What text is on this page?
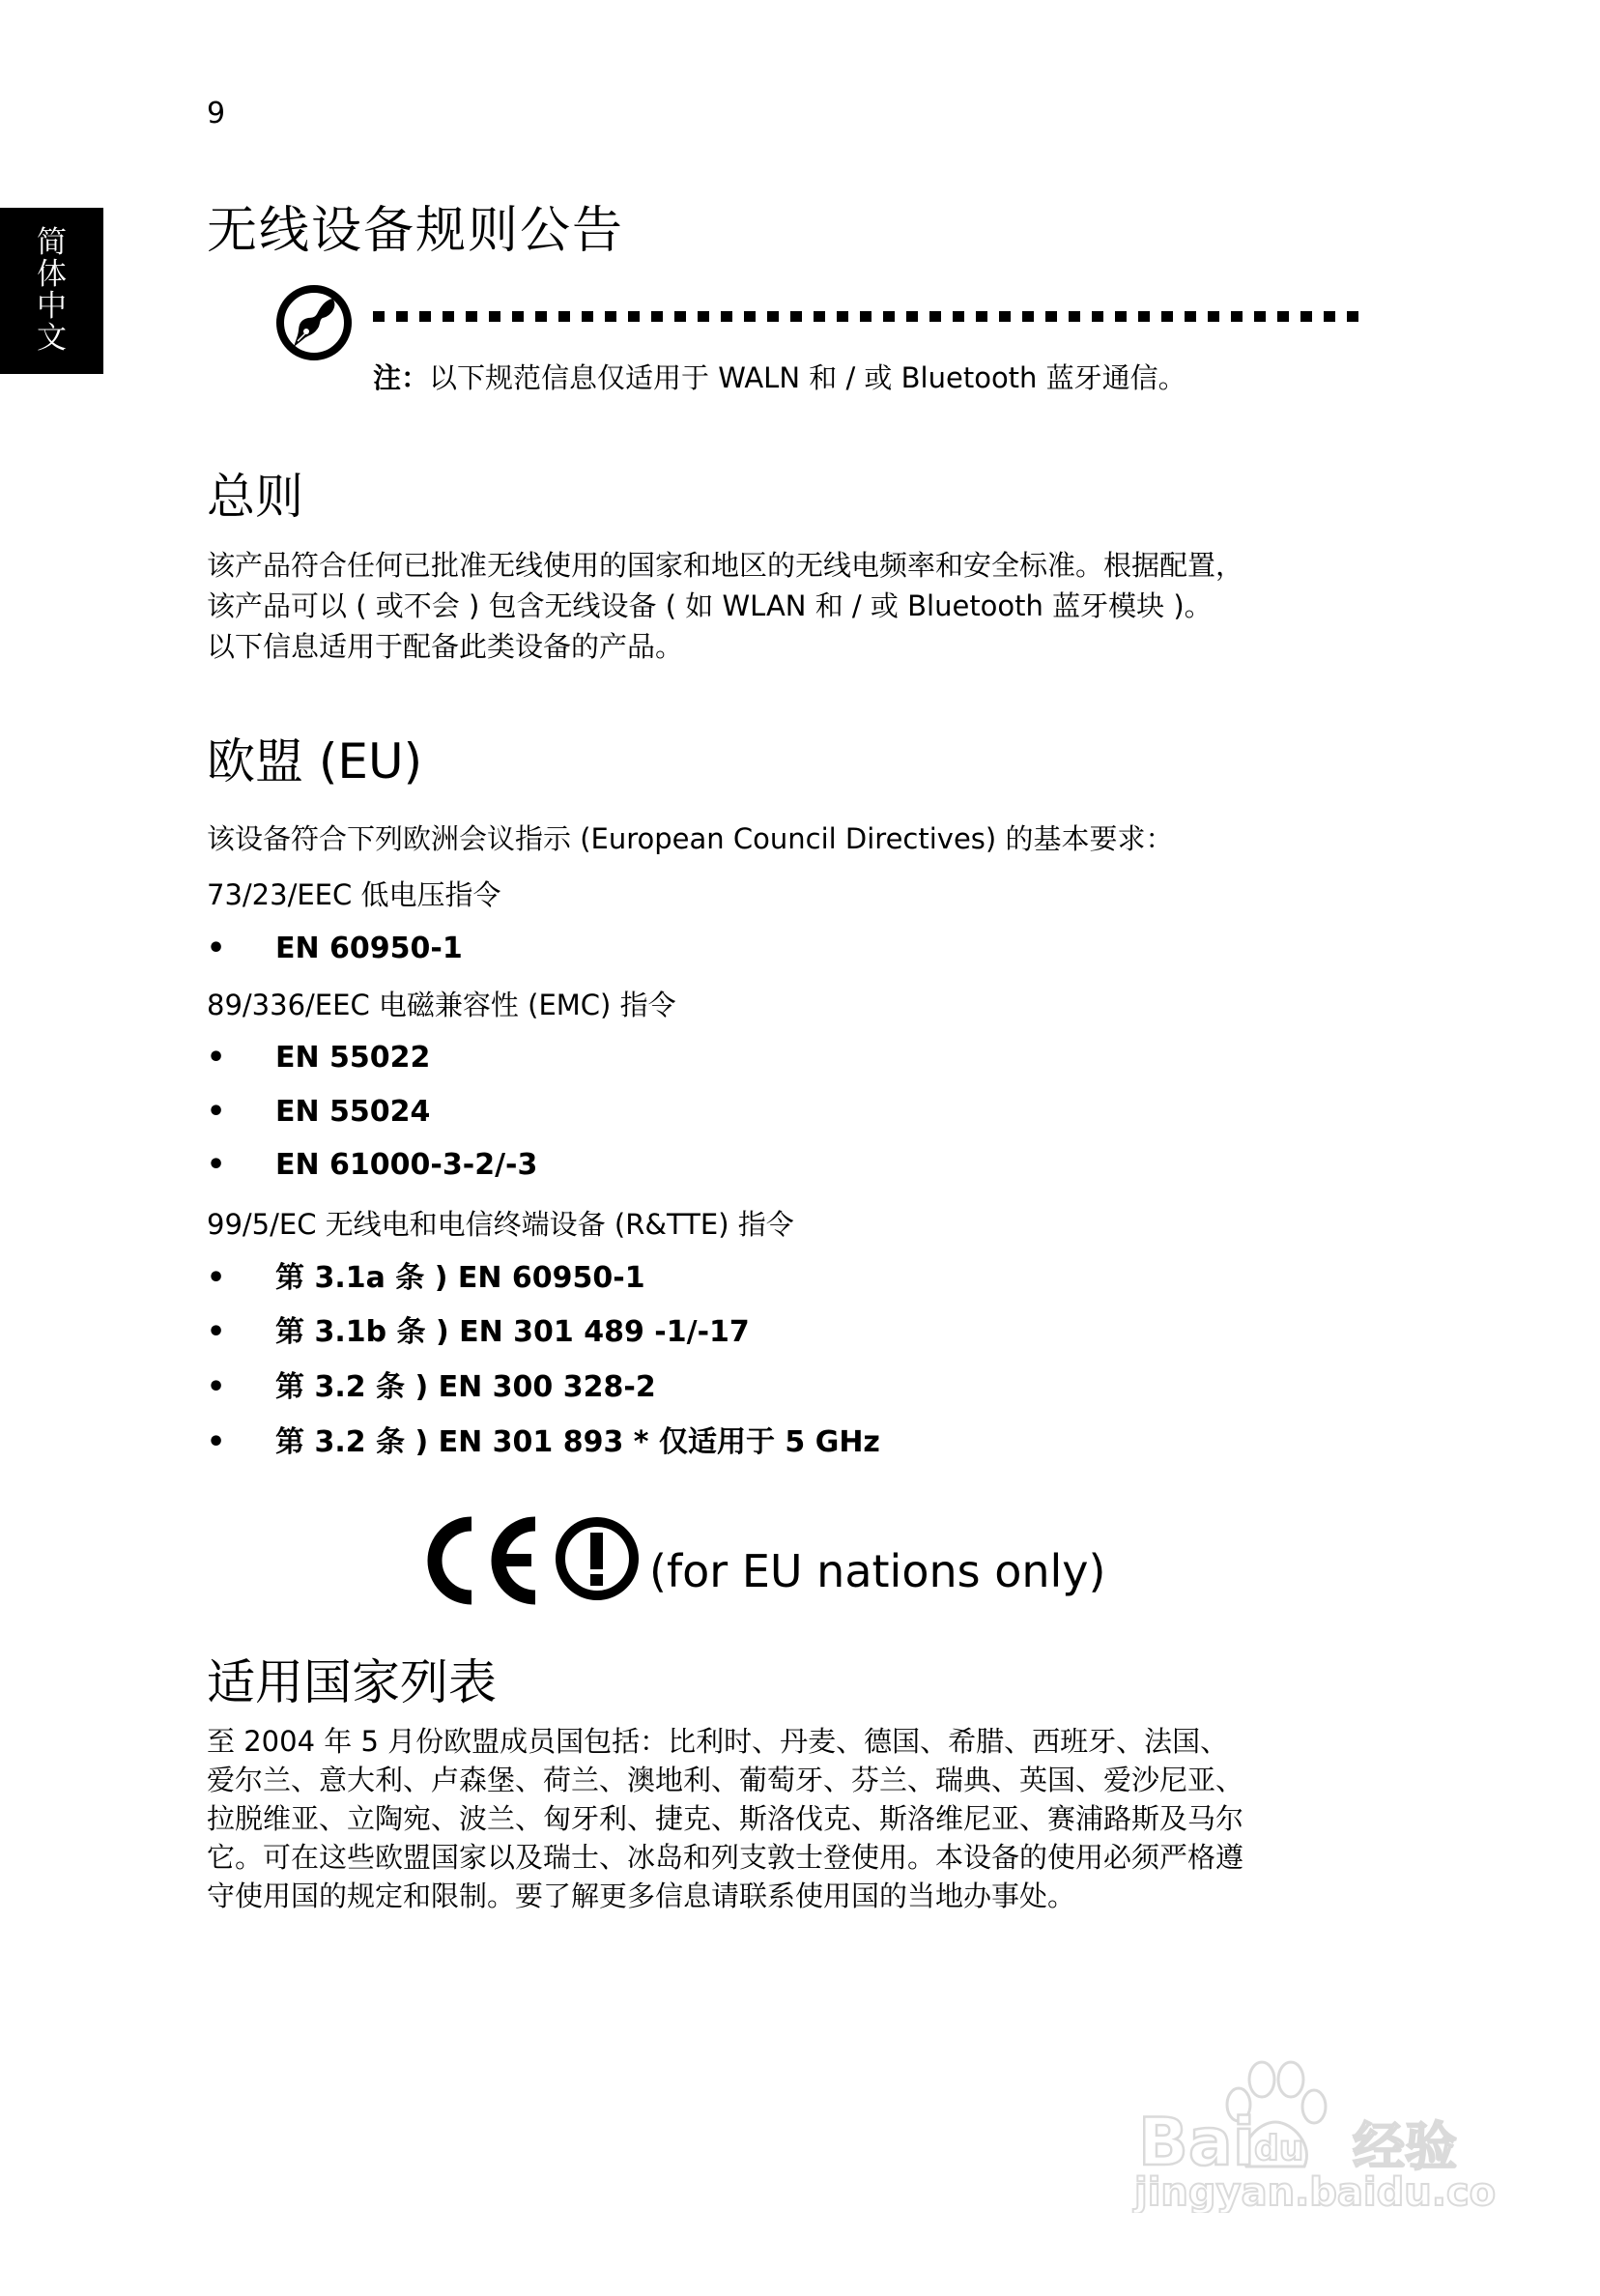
9
简
体
中
文
无线设备规则公告
注：以下规范信息仅适用于 WALN 和 / 或 Bluetooth 蓝牙通信。
总则

该产品符合任何已批准无线使用的国家和地区的无线电频率和安全标准。根据配置，

该产品可以 ( 或不会 ) 包含无线设备 ( 如 WLAN 和 / 或 Bluetooth 蓝牙模块 )。

以下信息适用于配备此类设备的产品。

欧盟 (EU)
该设备符合下列欧洲会议指示 (European Council Directives) 的基本要求：
73/23/EEC 低电压指令
• EN 60950-1
89/336/EEC 电磁兼容性 (EMC) 指令
• EN 55022
• EN 55024
• EN 61000-3-2/-3
99/5/EC 无线电和电信终端设备 (R&TTE) 指令
• 第 3.1a 条 ) EN 60950-1
• 第 3.1b 条 ) EN 301 489 -1/-17
• 第 3.2 条 ) EN 300 328-2
• 第 3.2 条 ) EN 301 893 * 仅适用于 5 GHz
(for EU nations only)
适用国家列表

至 2004 年 5 月份欧盟成员国包括：比利时、丹麦、德国、希腊、西班牙、法国、

爱尔兰、意大利、卢森堡、荷兰、澳地利、葡萄牙、芬兰、瑞典、英国、爱沙尼亚、

拉脱维亚、立陶宛、波兰、匈牙利、捷克、斯洛伐克、斯洛维尼亚、赛浦路斯及马尔

它。可在这些欧盟国家以及瑞士、冰岛和列支敦士登使用。本设备的使用必须严格遵

守使用国的规定和限制。要了解更多信息请联系使用国的当地办事处。

Bai
du 经验
jingyan.baidu.com
